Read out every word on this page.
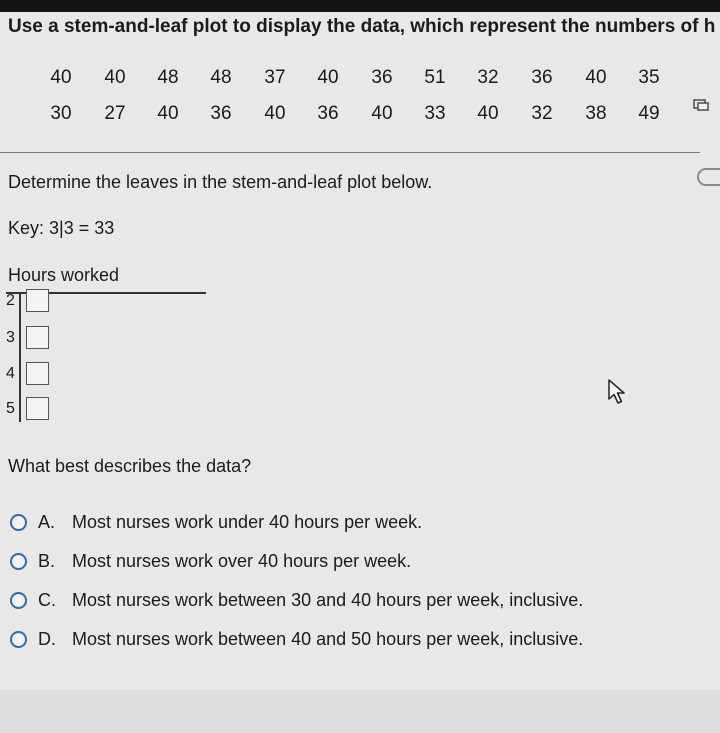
Use a stem-and-leaf plot to display the data, which represent the numbers of h
40	40	48	48	37	40	36	51	32	36	40	35
30	27	40	36	40	36	40	33	40	32	38	49
Determine the leaves in the stem-and-leaf plot below.
Key: 3|3 = 33
Hours worked
2
3
4
5
What best describes the data?
A. Most nurses work under 40 hours per week.
B. Most nurses work over 40 hours per week.
C. Most nurses work between 30 and 40 hours per week, inclusive.
D. Most nurses work between 40 and 50 hours per week, inclusive.
